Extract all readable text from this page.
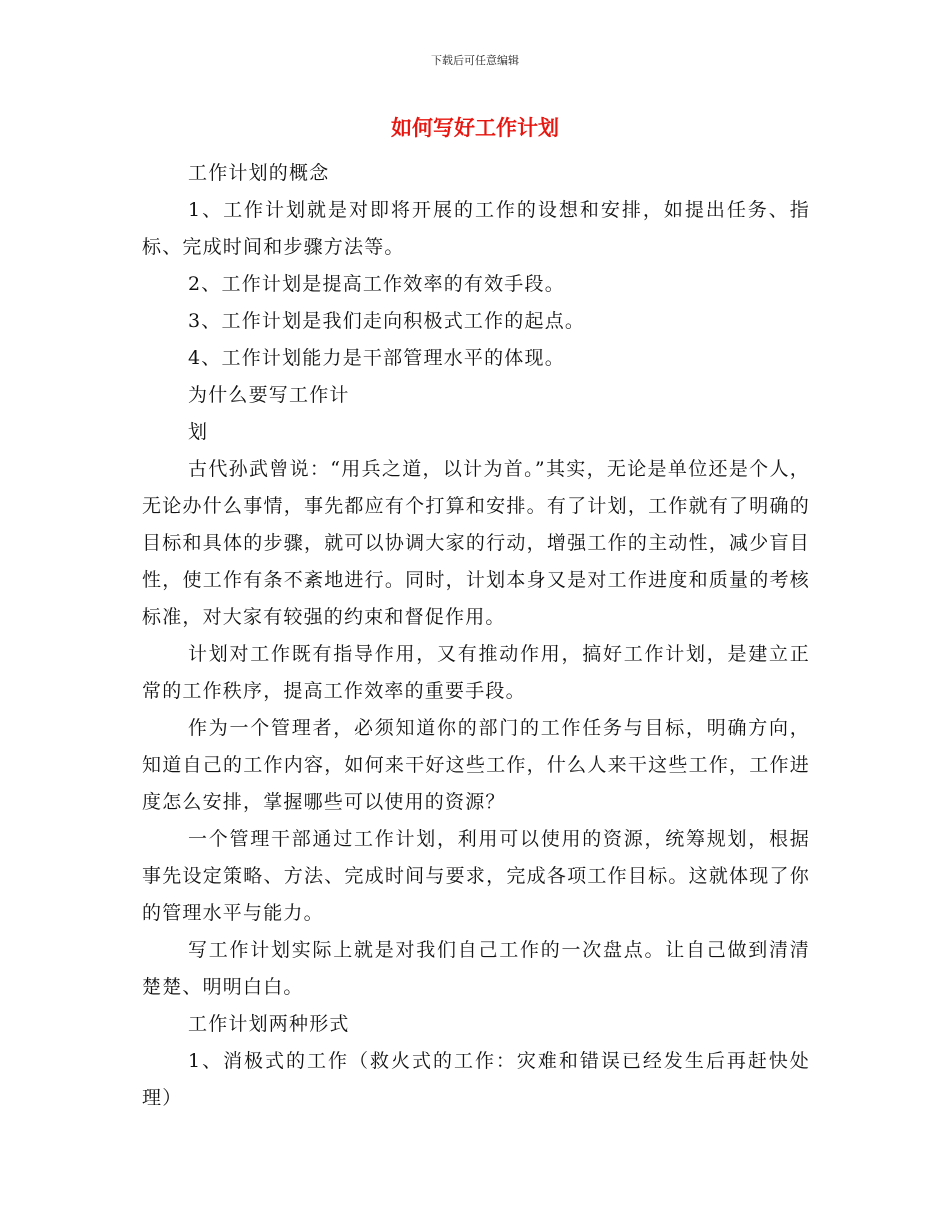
下载后可任意编辑
如何写好工作计划

工作计划的概念

1、工作计划就是对即将开展的工作的设想和安排，如提出任务、指标、完成时间和步骤方法等。

2、工作计划是提高工作效率的有效手段。

3、工作计划是我们走向积极式工作的起点。

4、工作计划能力是干部管理水平的体现。

为什么要写工作计

划

古代孙武曾说：“用兵之道，以计为首。”其实，无论是单位还是个人，无论办什么事情，事先都应有个打算和安排。有了计划，工作就有了明确的目标和具体的步骤，就可以协调大家的行动，增强工作的主动性，减少盲目性，使工作有条不紊地进行。同时，计划本身又是对工作进度和质量的考核标准，对大家有较强的约束和督促作用。

计划对工作既有指导作用，又有推动作用，搞好工作计划，是建立正常的工作秩序，提高工作效率的重要手段。

作为一个管理者，必须知道你的部门的工作任务与目标，明确方向，知道自己的工作内容，如何来干好这些工作，什么人来干这些工作，工作进度怎么安排，掌握哪些可以使用的资源？

一个管理干部通过工作计划，利用可以使用的资源，统筹规划，根据事先设定策略、方法、完成时间与要求，完成各项工作目标。这就体现了你的管理水平与能力。

写工作计划实际上就是对我们自己工作的一次盘点。让自己做到清清楚楚、明明白白。

工作计划两种形式

1、消极式的工作（救火式的工作：灾难和错误已经发生后再赶快处理）
